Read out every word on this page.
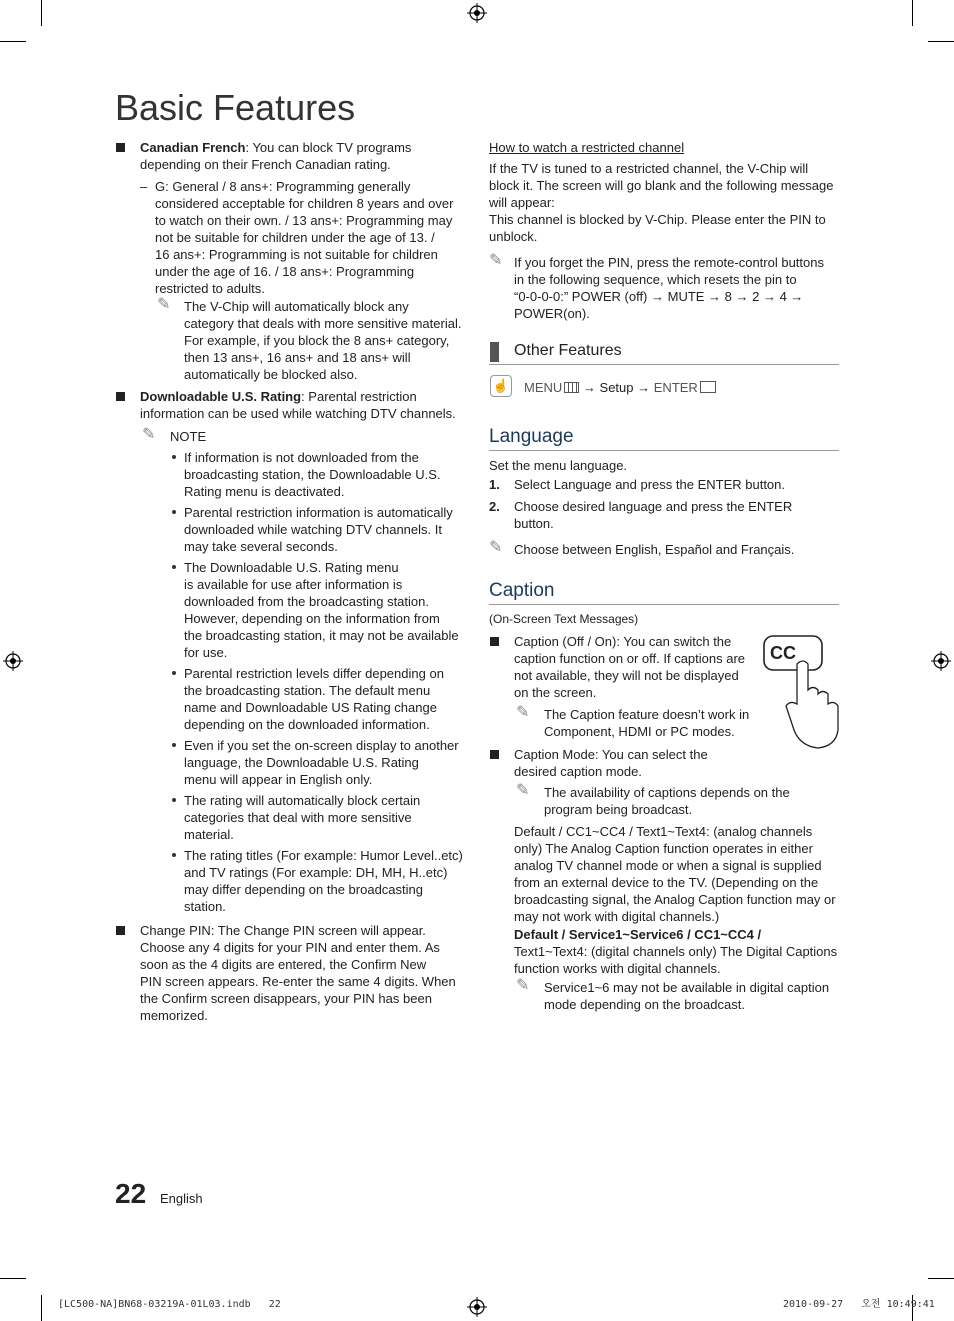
Basic Features

Canadian French: You can block TV programs depending on their French Canadian rating.

– G: General / 8 ans+: Programming generally

considered acceptable for children 8 years and over

to watch on their own. / 13 ans+: Programming may

not be suitable for children under the age of 13. /

16 ans+: Programming is not suitable for children

under the age of 16. / 18 ans+: Programming

restricted to adults.

✎ The V-Chip will automatically block any

category that deals with more sensitive material.

For example, if you block the 8 ans+ category,

then 13 ans+, 16 ans+ and 18 ans+ will

automatically be blocked also.

Downloadable U.S. Rating: Parental restriction

information can be used while watching DTV channels.

✎ NOTE

If information is not downloaded from the

broadcasting station, the Downloadable U.S.

Rating menu is deactivated.

Parental restriction information is automatically

downloaded while watching DTV channels. It

may take several seconds.

The Downloadable U.S. Rating menu

is available for use after information is

downloaded from the broadcasting station.

However, depending on the information from

the broadcasting station, it may not be available

for use.

Parental restriction levels differ depending on

the broadcasting station. The default menu

name and Downloadable US Rating change

depending on the downloaded information.

Even if you set the on-screen display to another

language, the Downloadable U.S. Rating

menu will appear in English only.

The rating will automatically block certain

categories that deal with more sensitive

material.

The rating titles (For example: Humor Level..etc)

and TV ratings (For example: DH, MH, H..etc)

may differ depending on the broadcasting

station.

Change PIN: The Change PIN screen will appear.

Choose any 4 digits for your PIN and enter them. As

soon as the 4 digits are entered, the Confirm New

PIN screen appears. Re-enter the same 4 digits. When

the Confirm screen disappears, your PIN has been

memorized.

How to watch a restricted channel

If the TV is tuned to a restricted channel, the V-Chip will

block it. The screen will go blank and the following message

will appear:

This channel is blocked by V-Chip. Please enter the PIN to

unblock.

✎ If you forget the PIN, press the remote-control buttons

in the following sequence, which resets the pin to

“0-0-0-0:” POWER (off) → MUTE → 8 → 2 → 4 →

POWER(on).

Other Features
☝ MENU → Setup → ENTER
Language
Set the menu language.
1. Select Language and press the ENTER button.

2. Choose desired language and press the ENTER

button.

✎ Choose between English, Español and Français.
Caption
(On-Screen Text Messages)

Caption (Off / On): You can switch the

caption function on or off. If captions are

not available, they will not be displayed

on the screen.

CC
✎ The Caption feature doesn’t work in

Component, HDMI or PC modes.

Caption Mode: You can select the

desired caption mode.

✎ The availability of captions depends on the

program being broadcast.

Default / CC1~CC4 / Text1~Text4: (analog channels

only) The Analog Caption function operates in either

analog TV channel mode or when a signal is supplied

from an external device to the TV. (Depending on the

broadcasting signal, the Analog Caption function may or

may not work with digital channels.)

Default / Service1~Service6 / CC1~CC4 /

Text1~Text4: (digital channels only) The Digital Captions

function works with digital channels.

✎ Service1~6 may not be available in digital caption

mode depending on the broadcast.

22 English
[LC500-NA]BN68-03219A-01L03.indb   22	2010-09-27   오전 10:49:41
